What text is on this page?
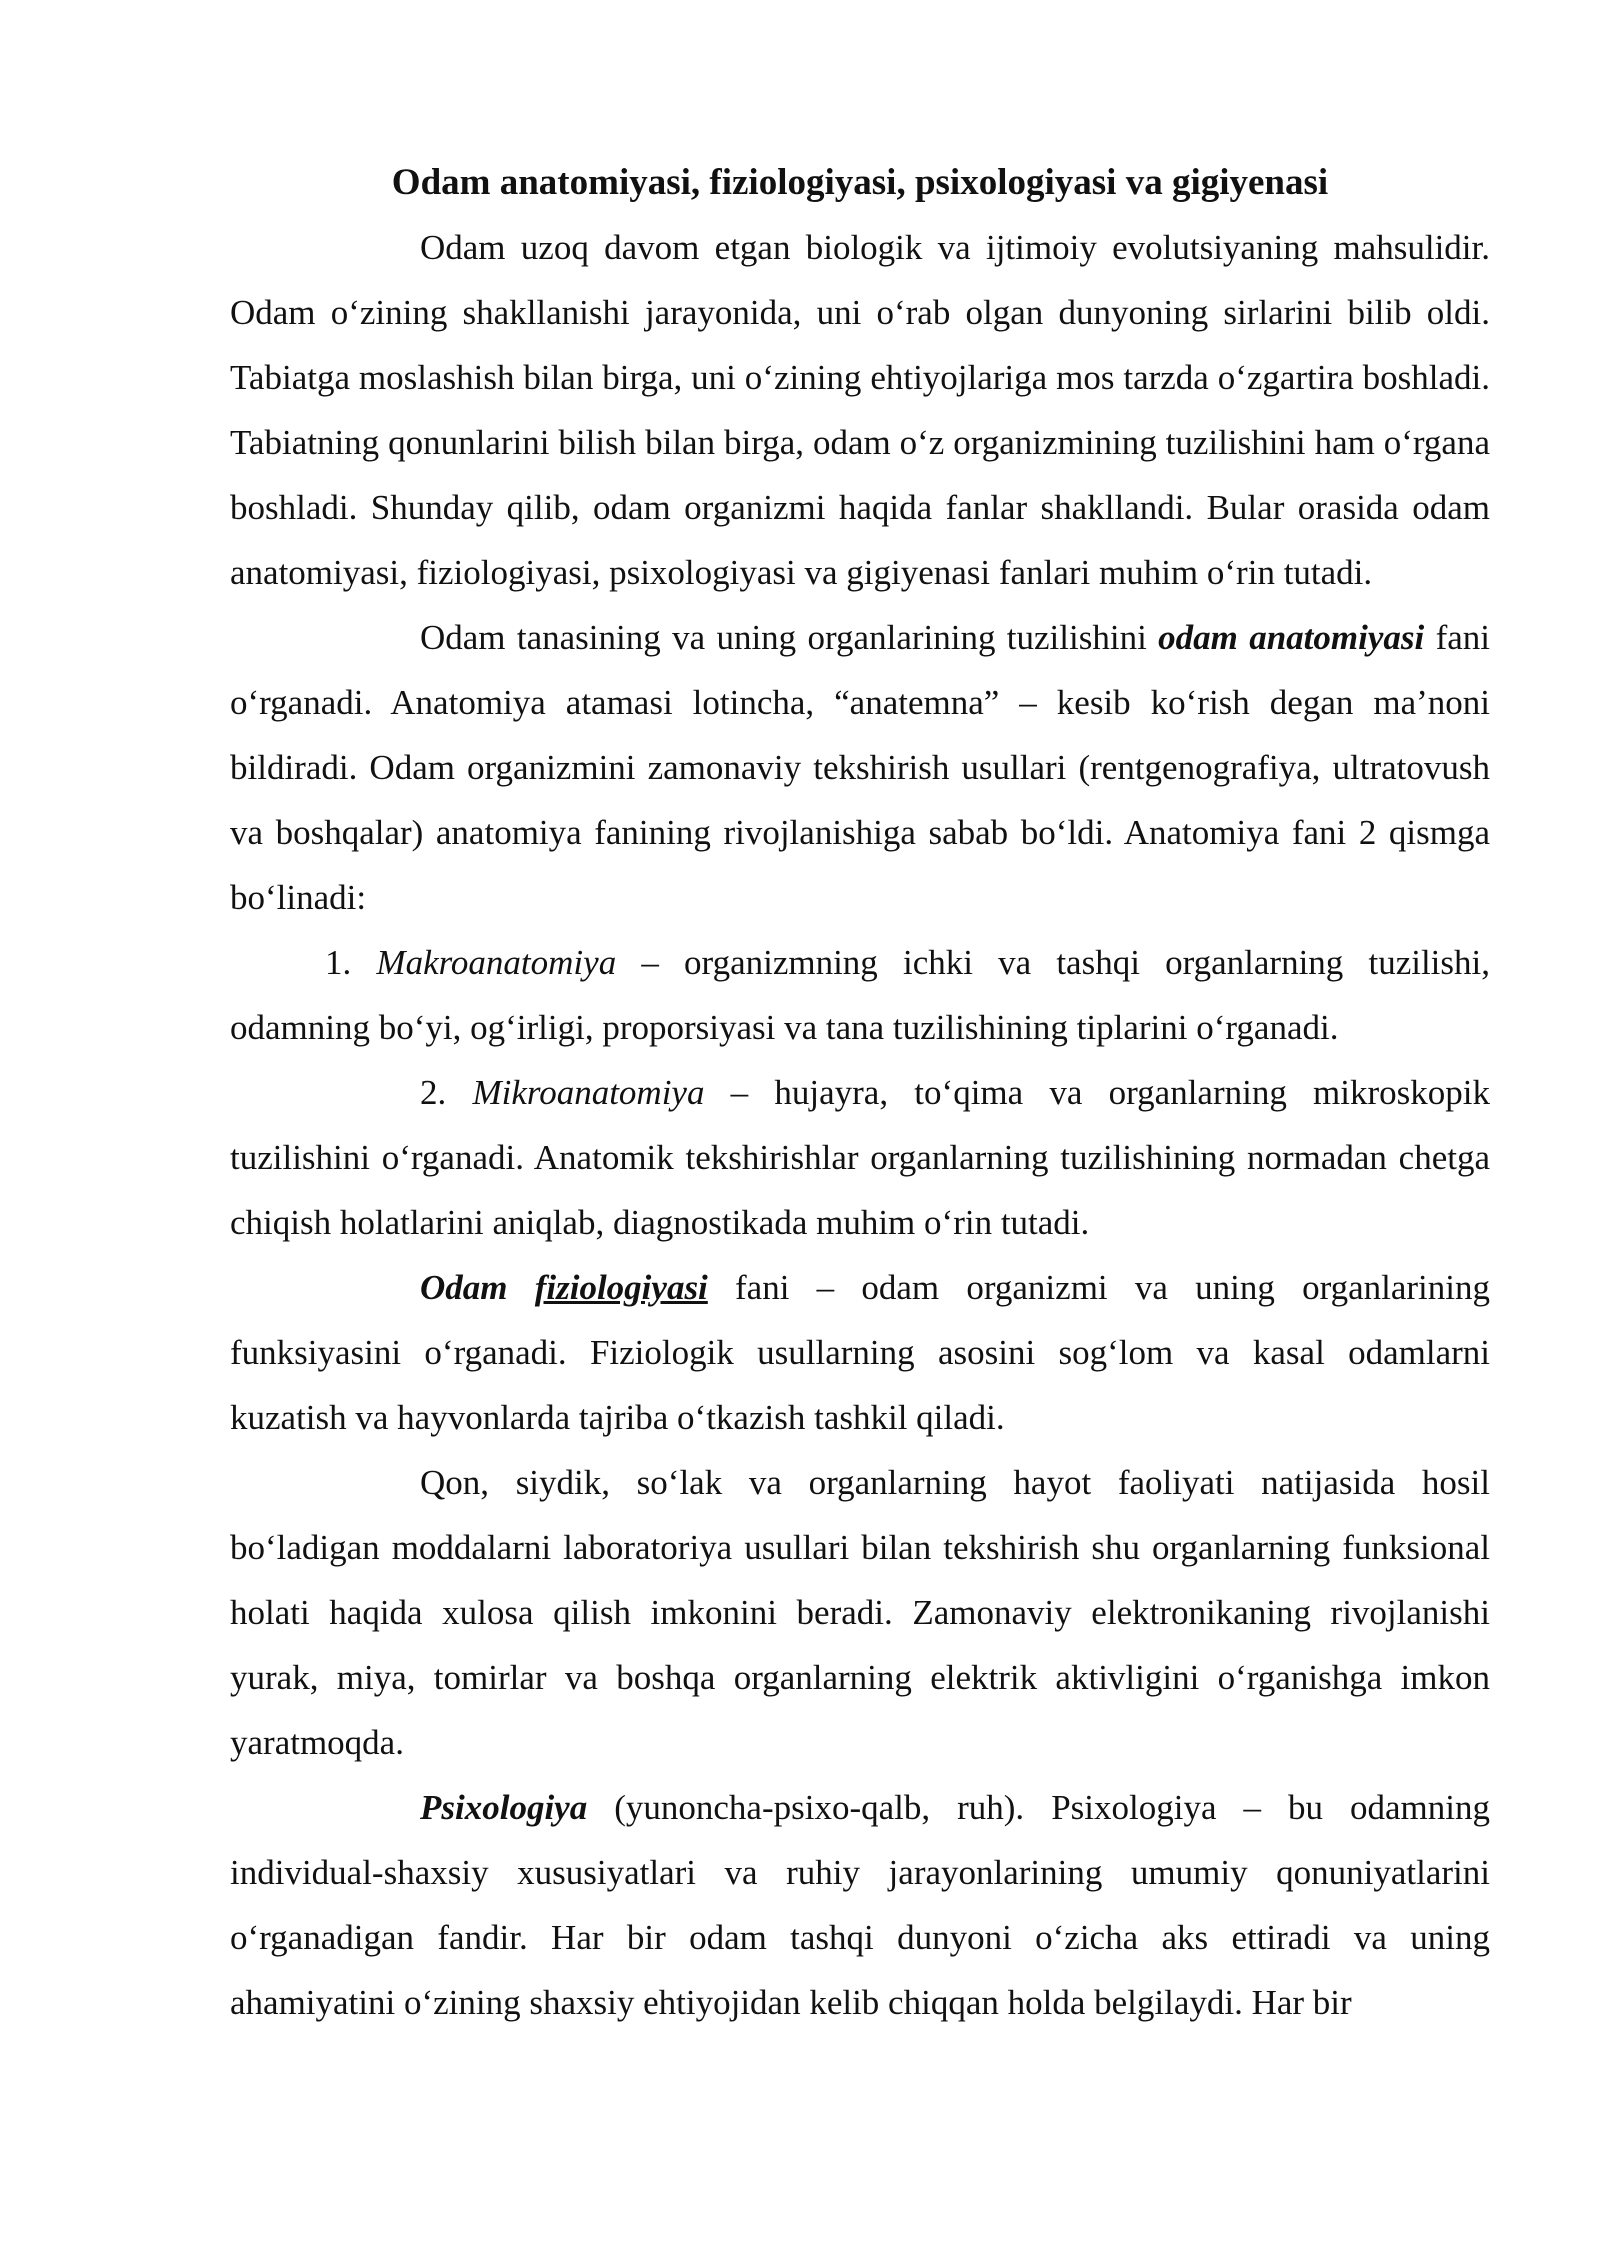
Odam anatomiyasi, fiziologiyasi, psixologiyasi va gigiyenasi

Odam uzoq davom etgan biologik va ijtimoiy evolutsiyaning mahsulidir. Odam o‘zining shakllanishi jarayonida, uni o‘rab olgan dunyoning sirlarini bilib oldi. Tabiatga moslashish bilan birga, uni o‘zining ehtiyojlariga mos tarzda o‘zgartira boshladi. Tabiatning qonunlarini bilish bilan birga, odam o‘z organizmining tuzilishini ham o‘rgana boshladi. Shunday qilib, odam organizmi haqida fanlar shakllandi. Bular orasida odam anatomiyasi, fiziologiyasi, psixologiyasi va gigiyenasi fanlari muhim o‘rin tutadi.

Odam tanasining va uning organlarining tuzilishini odam anatomiyasi fani o‘rganadi. Anatomiya atamasi lotincha, “anatemna” – kesib ko‘rish degan ma’noni bildiradi. Odam organizmini zamonaviy tekshirish usullari (rentgenografiya, ultratovush va boshqalar) anatomiya fanining rivojlanishiga sabab bo‘ldi. Anatomiya fani 2 qismga bo‘linadi:

1. Makroanatomiya – organizmning ichki va tashqi organlarning tuzilishi, odamning bo‘yi, og‘irligi, proporsiyasi va tana tuzilishining tiplarini o‘rganadi.

2. Mikroanatomiya – hujayra, to‘qima va organlarning mikroskopik tuzilishini o‘rganadi. Anatomik tekshirishlar organlarning tuzilishining normadan chetga chiqish holatlarini aniqlab, diagnostikada muhim o‘rin tutadi.

Odam fiziologiyasi fani – odam organizmi va uning organlarining funksiyasini o‘rganadi. Fiziologik usullarning asosini sog‘lom va kasal odamlarni kuzatish va hayvonlarda tajriba o‘tkazish tashkil qiladi.

Qon, siydik, so‘lak va organlarning hayot faoliyati natijasida hosil bo‘ladigan moddalarni laboratoriya usullari bilan tekshirish shu organlarning funksional holati haqida xulosa qilish imkonini beradi. Zamonaviy elektronikaning rivojlanishi yurak, miya, tomirlar va boshqa organlarning elektrik aktivligini o‘rganishga imkon yaratmoqda.

Psixologiya (yunoncha-psixo-qalb, ruh). Psixologiya – bu odamning individual-shaxsiy xususiyatlari va ruhiy jarayonlarining umumiy qonuniyatlarini o‘rganadigan fandir. Har bir odam tashqi dunyoni o‘zicha aks ettiradi va uning ahamiyatini o‘zining shaxsiy ehtiyojidan kelib chiqqan holda belgilaydi. Har bir
